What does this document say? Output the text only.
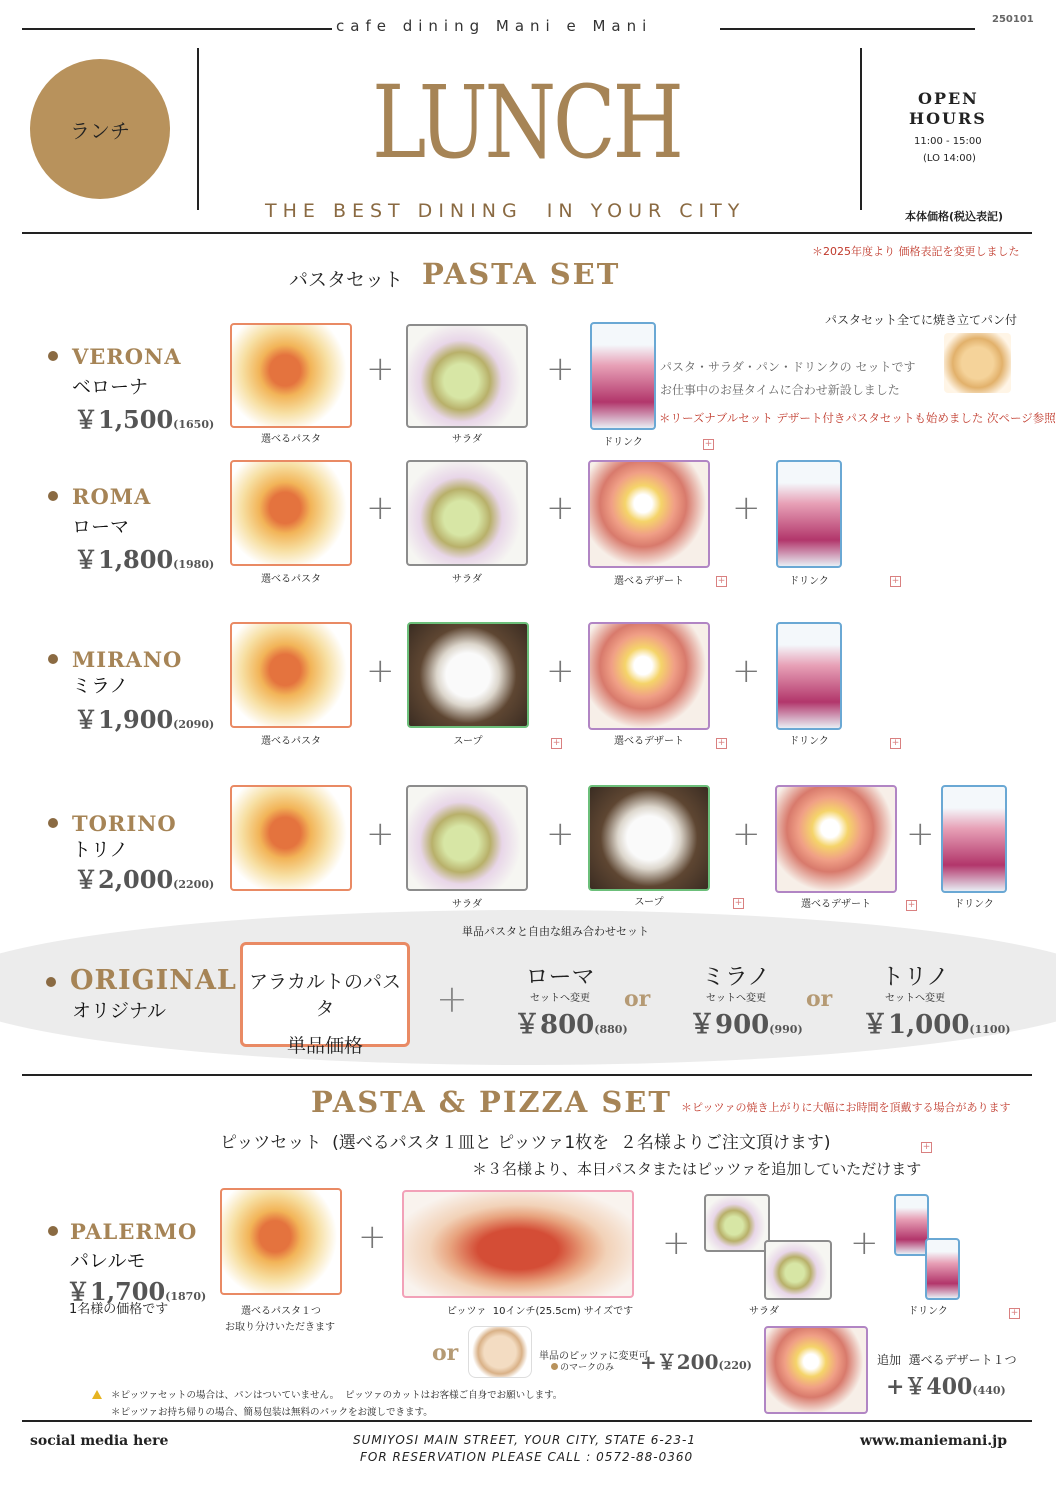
cafe dining Mani e Mani	250101
ランチ LUNCH
THE BEST DINING  IN YOUR CITY
OPEN
HOURS
11:00 - 15:00
(LO 14:00)
本体価格(税込表記)
＊2025年度より 価格表記を変更しました
パスタセット PASTA SET
VERONA
ベローナ
￥1,500(1650)
選べるパスタ
+
サラダ
+
ドリンク	+
パスタセット全てに焼き立てパン付
パスタ・サラダ・パン・ドリンクの セットです
お仕事中のお昼タイムに合わせ新設しました
＊リーズナブルセット デザート付きパスタセットも始めました 次ページ参照
ROMA
ローマ
￥1,800(1980)
選べるパスタ
+
サラダ
+
選べるデザート	+
+
ドリンク	+
MIRANO
ミラノ
￥1,900(2090)
選べるパスタ
+
スープ	+
+
選べるデザート	+
+
ドリンク	+
TORINO
トリノ
￥2,000(2200)
+
サラダ
+
スープ	+
+
選べるデザート	+
+
ドリンク
単品パスタと自由な組み合わせセット
ORIGINAL
オリジナル
アラカルトのパスタ
単品価格
+	ローマ
セットへ変更
￥800(880)
or
ミラノ
セットへ変更
￥900(990)
or
トリノ
セットへ変更
￥1,000(1100)
PASTA & PIZZA SET ＊ピッツァの焼き上がりに大幅にお時間を頂戴する場合があります
ピッツセット  (選べるパスタ１皿と ピッツァ1枚を  ２名様よりご注文頂けます)	+
＊３名様より、本日パスタまたはピッツァを追加していただけます
PALERMO
パレルモ
￥1,700(1870)
1名様の価格です	選べるパスタ１つ
お取り分けいただきます
+
ピッツァ  10インチ(25.5cm) サイズです
+
サラダ
+
ドリンク	+
or	単品のピッツァに変更可
のマークのみ +￥200(220)	追加  選べるデザート１つ
+￥400(440)
＊ピッツァセットの場合は、パンはついていません。  ピッツァのカットはお客様ご自身でお願いします。
＊ピッツァお持ち帰りの場合、簡易包装は無料のパックをお渡しできます。
social media here	SUMIYOSI MAIN STREET, YOUR CITY, STATE 6-23-1
FOR RESERVATION PLEASE CALL : 0572-88-0360
www.maniemani.jp
